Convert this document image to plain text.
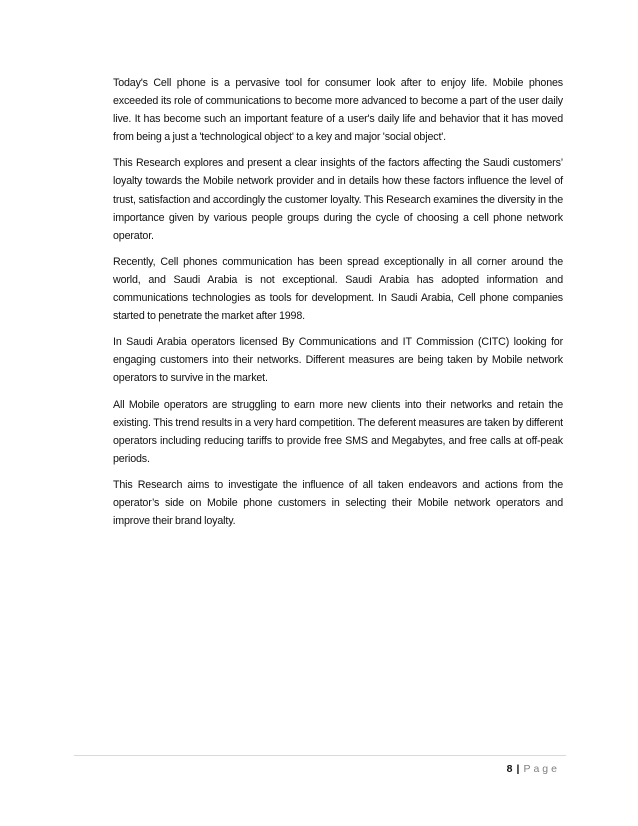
Today's Cell phone is a pervasive tool for consumer look after to enjoy life. Mobile phones exceeded its role of communications to become more advanced to become a part of the user daily live. It has become such an important feature of a user's daily life and behavior that it has moved from being a just a 'technological object' to a key and major 'social object'.

This Research explores and present a clear insights of the factors affecting the Saudi customers’ loyalty towards the Mobile network provider and in details how these factors influence the level of trust, satisfaction and accordingly the customer loyalty. This Research examines the diversity in the importance given by various people groups during the cycle of choosing a cell phone network operator.

Recently, Cell phones communication has been spread exceptionally in all corner around the world, and Saudi Arabia is not exceptional. Saudi Arabia has adopted information and communications technologies as tools for development. In Saudi Arabia, Cell phone companies started to penetrate the market after 1998.

In Saudi Arabia operators licensed By Communications and IT Commission (CITC) looking for engaging customers into their networks. Different measures are being taken by Mobile network operators to survive in the market.

All Mobile operators are struggling to earn more new clients into their networks and retain the existing. This trend results in a very hard competition. The deferent measures are taken by different operators including reducing tariffs to provide free SMS and Megabytes, and free calls at off-peak periods.

This Research aims to investigate the influence of all taken endeavors and actions from the operator’s side on Mobile phone customers in selecting their Mobile network operators and improve their brand loyalty.

8 | Page
